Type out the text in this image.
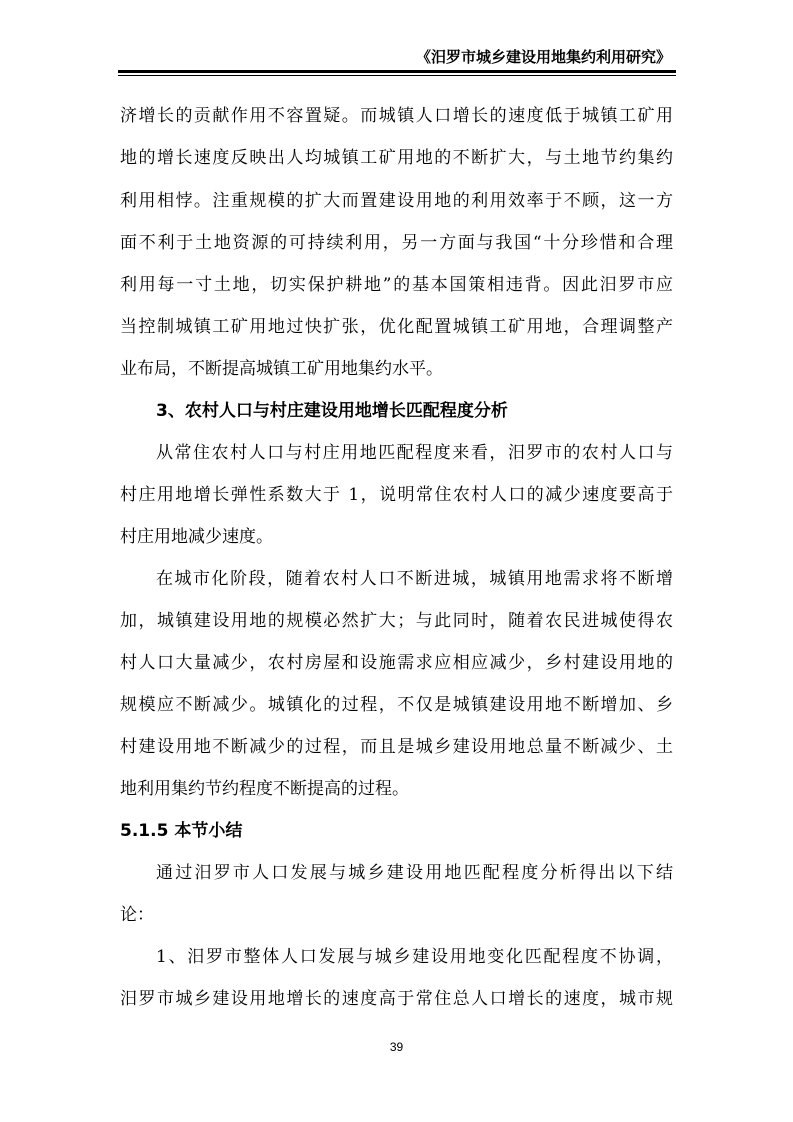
《汨罗市城乡建设用地集约利用研究》
济增长的贡献作用不容置疑。而城镇人口增长的速度低于城镇工矿用
地的增长速度反映出人均城镇工矿用地的不断扩大，与土地节约集约
利用相悖。注重规模的扩大而置建设用地的利用效率于不顾，这一方
面不利于土地资源的可持续利用，另一方面与我国“十分珍惜和合理
利用每一寸土地，切实保护耕地”的基本国策相违背。因此汨罗市应
当控制城镇工矿用地过快扩张，优化配置城镇工矿用地，合理调整产
业布局，不断提高城镇工矿用地集约水平。
3、农村人口与村庄建设用地增长匹配程度分析
从常住农村人口与村庄用地匹配程度来看，汨罗市的农村人口与
村庄用地增长弹性系数大于 1，说明常住农村人口的减少速度要高于
村庄用地减少速度。
在城市化阶段，随着农村人口不断进城，城镇用地需求将不断增
加，城镇建设用地的规模必然扩大；与此同时，随着农民进城使得农
村人口大量减少，农村房屋和设施需求应相应减少，乡村建设用地的
规模应不断减少。城镇化的过程，不仅是城镇建设用地不断增加、乡
村建设用地不断减少的过程，而且是城乡建设用地总量不断减少、土
地利用集约节约程度不断提高的过程。
5.1.5 本节小结
通过汨罗市人口发展与城乡建设用地匹配程度分析得出以下结
论：
1、汨罗市整体人口发展与城乡建设用地变化匹配程度不协调，
汨罗市城乡建设用地增长的速度高于常住总人口增长的速度，城市规
39
